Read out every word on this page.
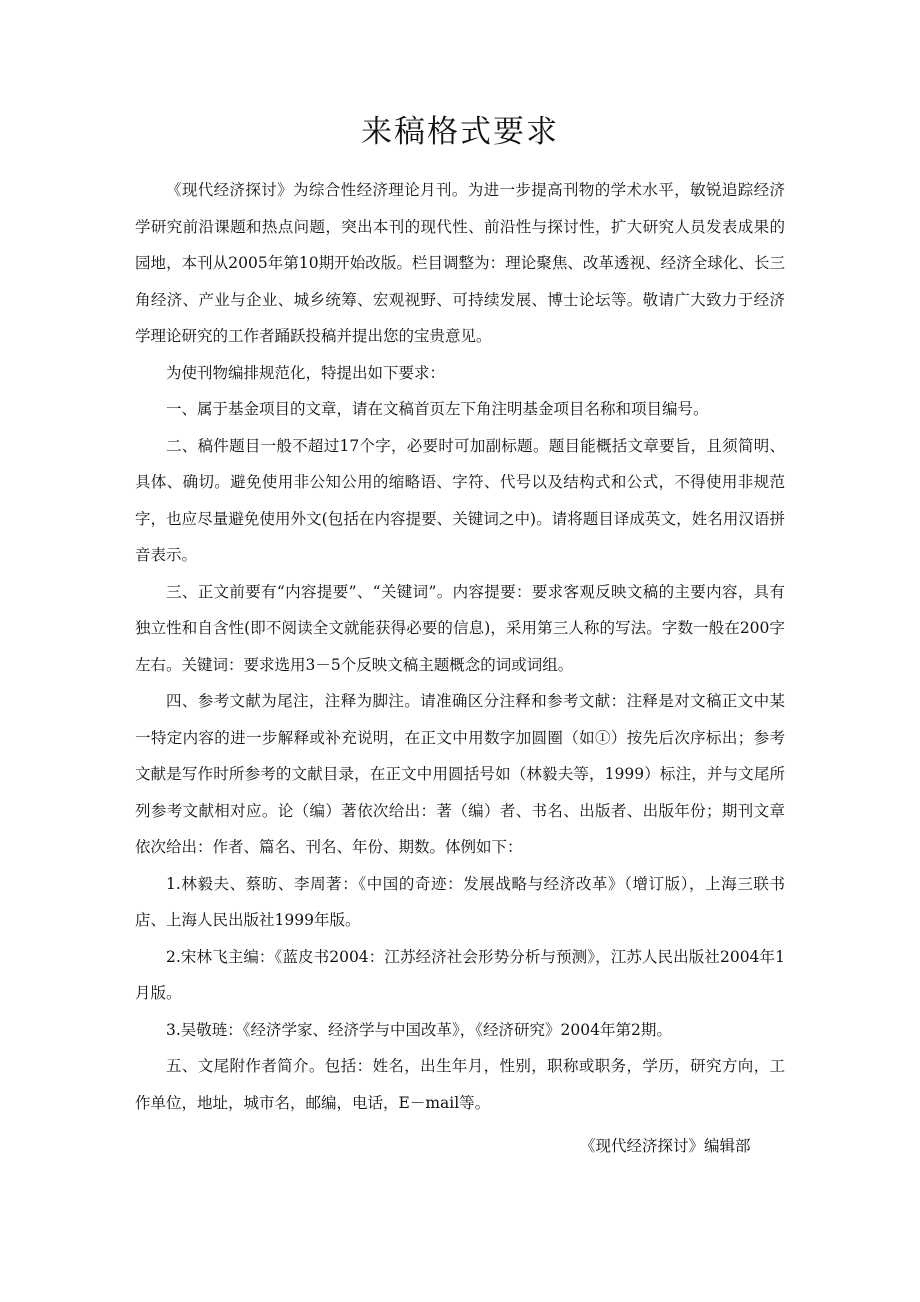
来稿格式要求

《现代经济探讨》为综合性经济理论月刊。为进一步提高刊物的学术水平，敏锐追踪经济学研究前沿课题和热点问题，突出本刊的现代性、前沿性与探讨性，扩大研究人员发表成果的园地，本刊从2005年第10期开始改版。栏目调整为：理论聚焦、改革透视、经济全球化、长三角经济、产业与企业、城乡统筹、宏观视野、可持续发展、博士论坛等。敬请广大致力于经济学理论研究的工作者踊跃投稿并提出您的宝贵意见。

为使刊物编排规范化，特提出如下要求：

一、属于基金项目的文章，请在文稿首页左下角注明基金项目名称和项目编号。

二、稿件题目一般不超过17个字，必要时可加副标题。题目能概括文章要旨，且须简明、具体、确切。避免使用非公知公用的缩略语、字符、代号以及结构式和公式，不得使用非规范字，也应尽量避免使用外文(包括在内容提要、关键词之中)。请将题目译成英文，姓名用汉语拼音表示。

三、正文前要有“内容提要”、“关键词”。内容提要：要求客观反映文稿的主要内容，具有独立性和自含性(即不阅读全文就能获得必要的信息)，采用第三人称的写法。字数一般在200字左右。关键词：要求选用3－5个反映文稿主题概念的词或词组。

四、参考文献为尾注，注释为脚注。请准确区分注释和参考文献：注释是对文稿正文中某一特定内容的进一步解释或补充说明，在正文中用数字加圆圈（如①）按先后次序标出；参考文献是写作时所参考的文献目录，在正文中用圆括号如（林毅夫等，1999）标注，并与文尾所列参考文献相对应。论（编）著依次给出：著（编）者、书名、出版者、出版年份；期刊文章依次给出：作者、篇名、刊名、年份、期数。体例如下：

1.林毅夫、蔡昉、李周著：《中国的奇迹：发展战略与经济改革》（增订版），上海三联书店、上海人民出版社1999年版。

2.宋林飞主编：《蓝皮书2004：江苏经济社会形势分析与预测》，江苏人民出版社2004年1月版。

3.吴敬琏：《经济学家、经济学与中国改革》，《经济研究》2004年第2期。

五、文尾附作者简介。包括：姓名，出生年月，性别，职称或职务，学历，研究方向，工作单位，地址，城市名，邮编，电话，E－mail等。

《现代经济探讨》编辑部
